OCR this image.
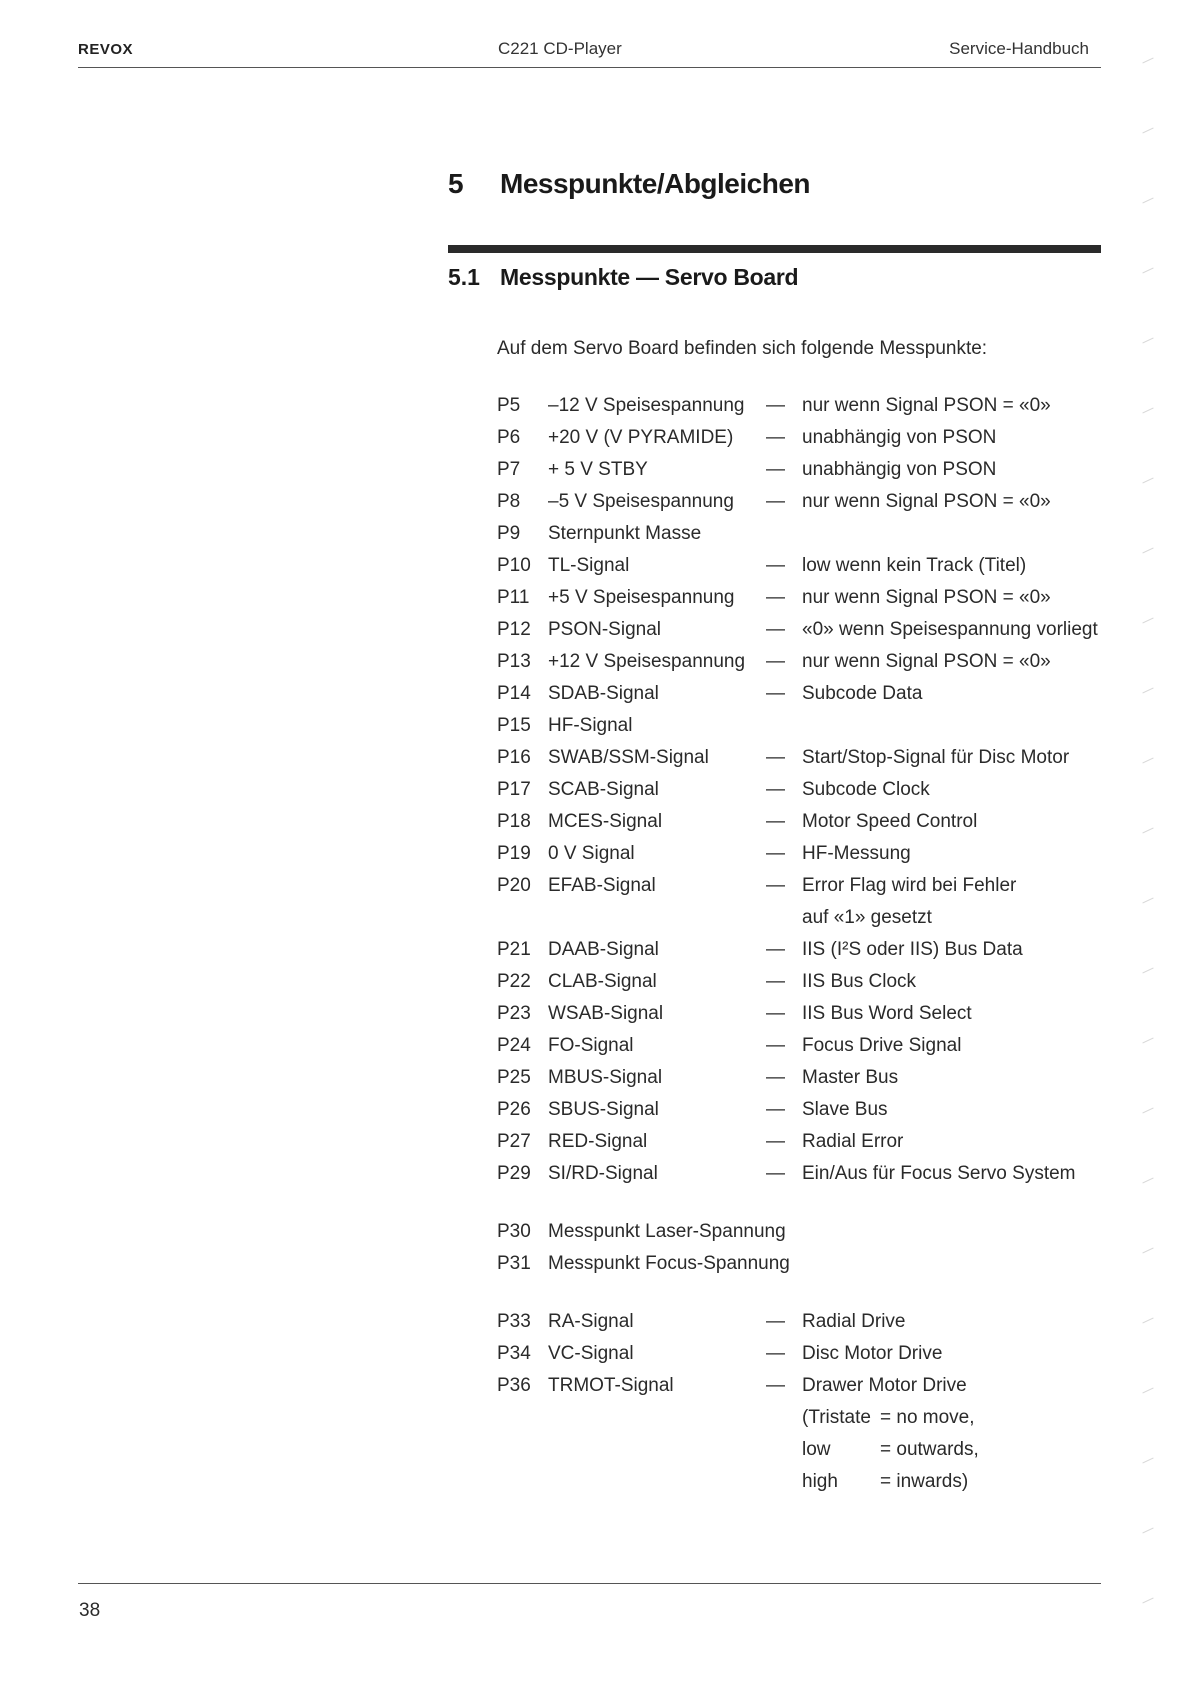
REVOX	C221 CD-Player	Service-Handbuch
5 Messpunkte/Abgleichen
5.1 Messpunkte — Servo Board
Auf dem Servo Board befinden sich folgende Messpunkte:
P5 –12 V Speisespannung — nur wenn Signal PSON = «0»
P6 +20 V (V PYRAMIDE) — unabhängig von PSON
P7 + 5 V STBY	— unabhängig von PSON
P8 –5 V Speisespannung — nur wenn Signal PSON = «0»
P9 Sternpunkt Masse
P10 TL-Signal	— low wenn kein Track (Titel)
P11 +5 V Speisespannung — nur wenn Signal PSON = «0»
P12 PSON-Signal	— «0» wenn Speisespannung vorliegt
P13 +12 V Speisespannung — nur wenn Signal PSON = «0»
P14 SDAB-Signal	— Subcode Data
P15 HF-Signal
P16 SWAB/SSM-Signal	— Start/Stop-Signal für Disc Motor
P17 SCAB-Signal	— Subcode Clock
P18 MCES-Signal	— Motor Speed Control
P19 0 V Signal	— HF-Messung
P20 EFAB-Signal	— Error Flag wird bei Fehler
auf «1» gesetzt
P21 DAAB-Signal	— IIS (I²S oder IIS) Bus Data
P22 CLAB-Signal	— IIS Bus Clock
P23 WSAB-Signal	— IIS Bus Word Select
P24 FO-Signal	— Focus Drive Signal
P25 MBUS-Signal	— Master Bus
P26 SBUS-Signal	— Slave Bus
P27 RED-Signal	— Radial Error
P29 SI/RD-Signal	— Ein/Aus für Focus Servo System
P30 Messpunkt Laser-Spannung
P31 Messpunkt Focus-Spannung
P33 RA-Signal	— Radial Drive
P34 VC-Signal	— Disc Motor Drive
P36 TRMOT-Signal	— Drawer Motor Drive
(Tristate = no move,
low	= outwards,
high = inwards)
38
